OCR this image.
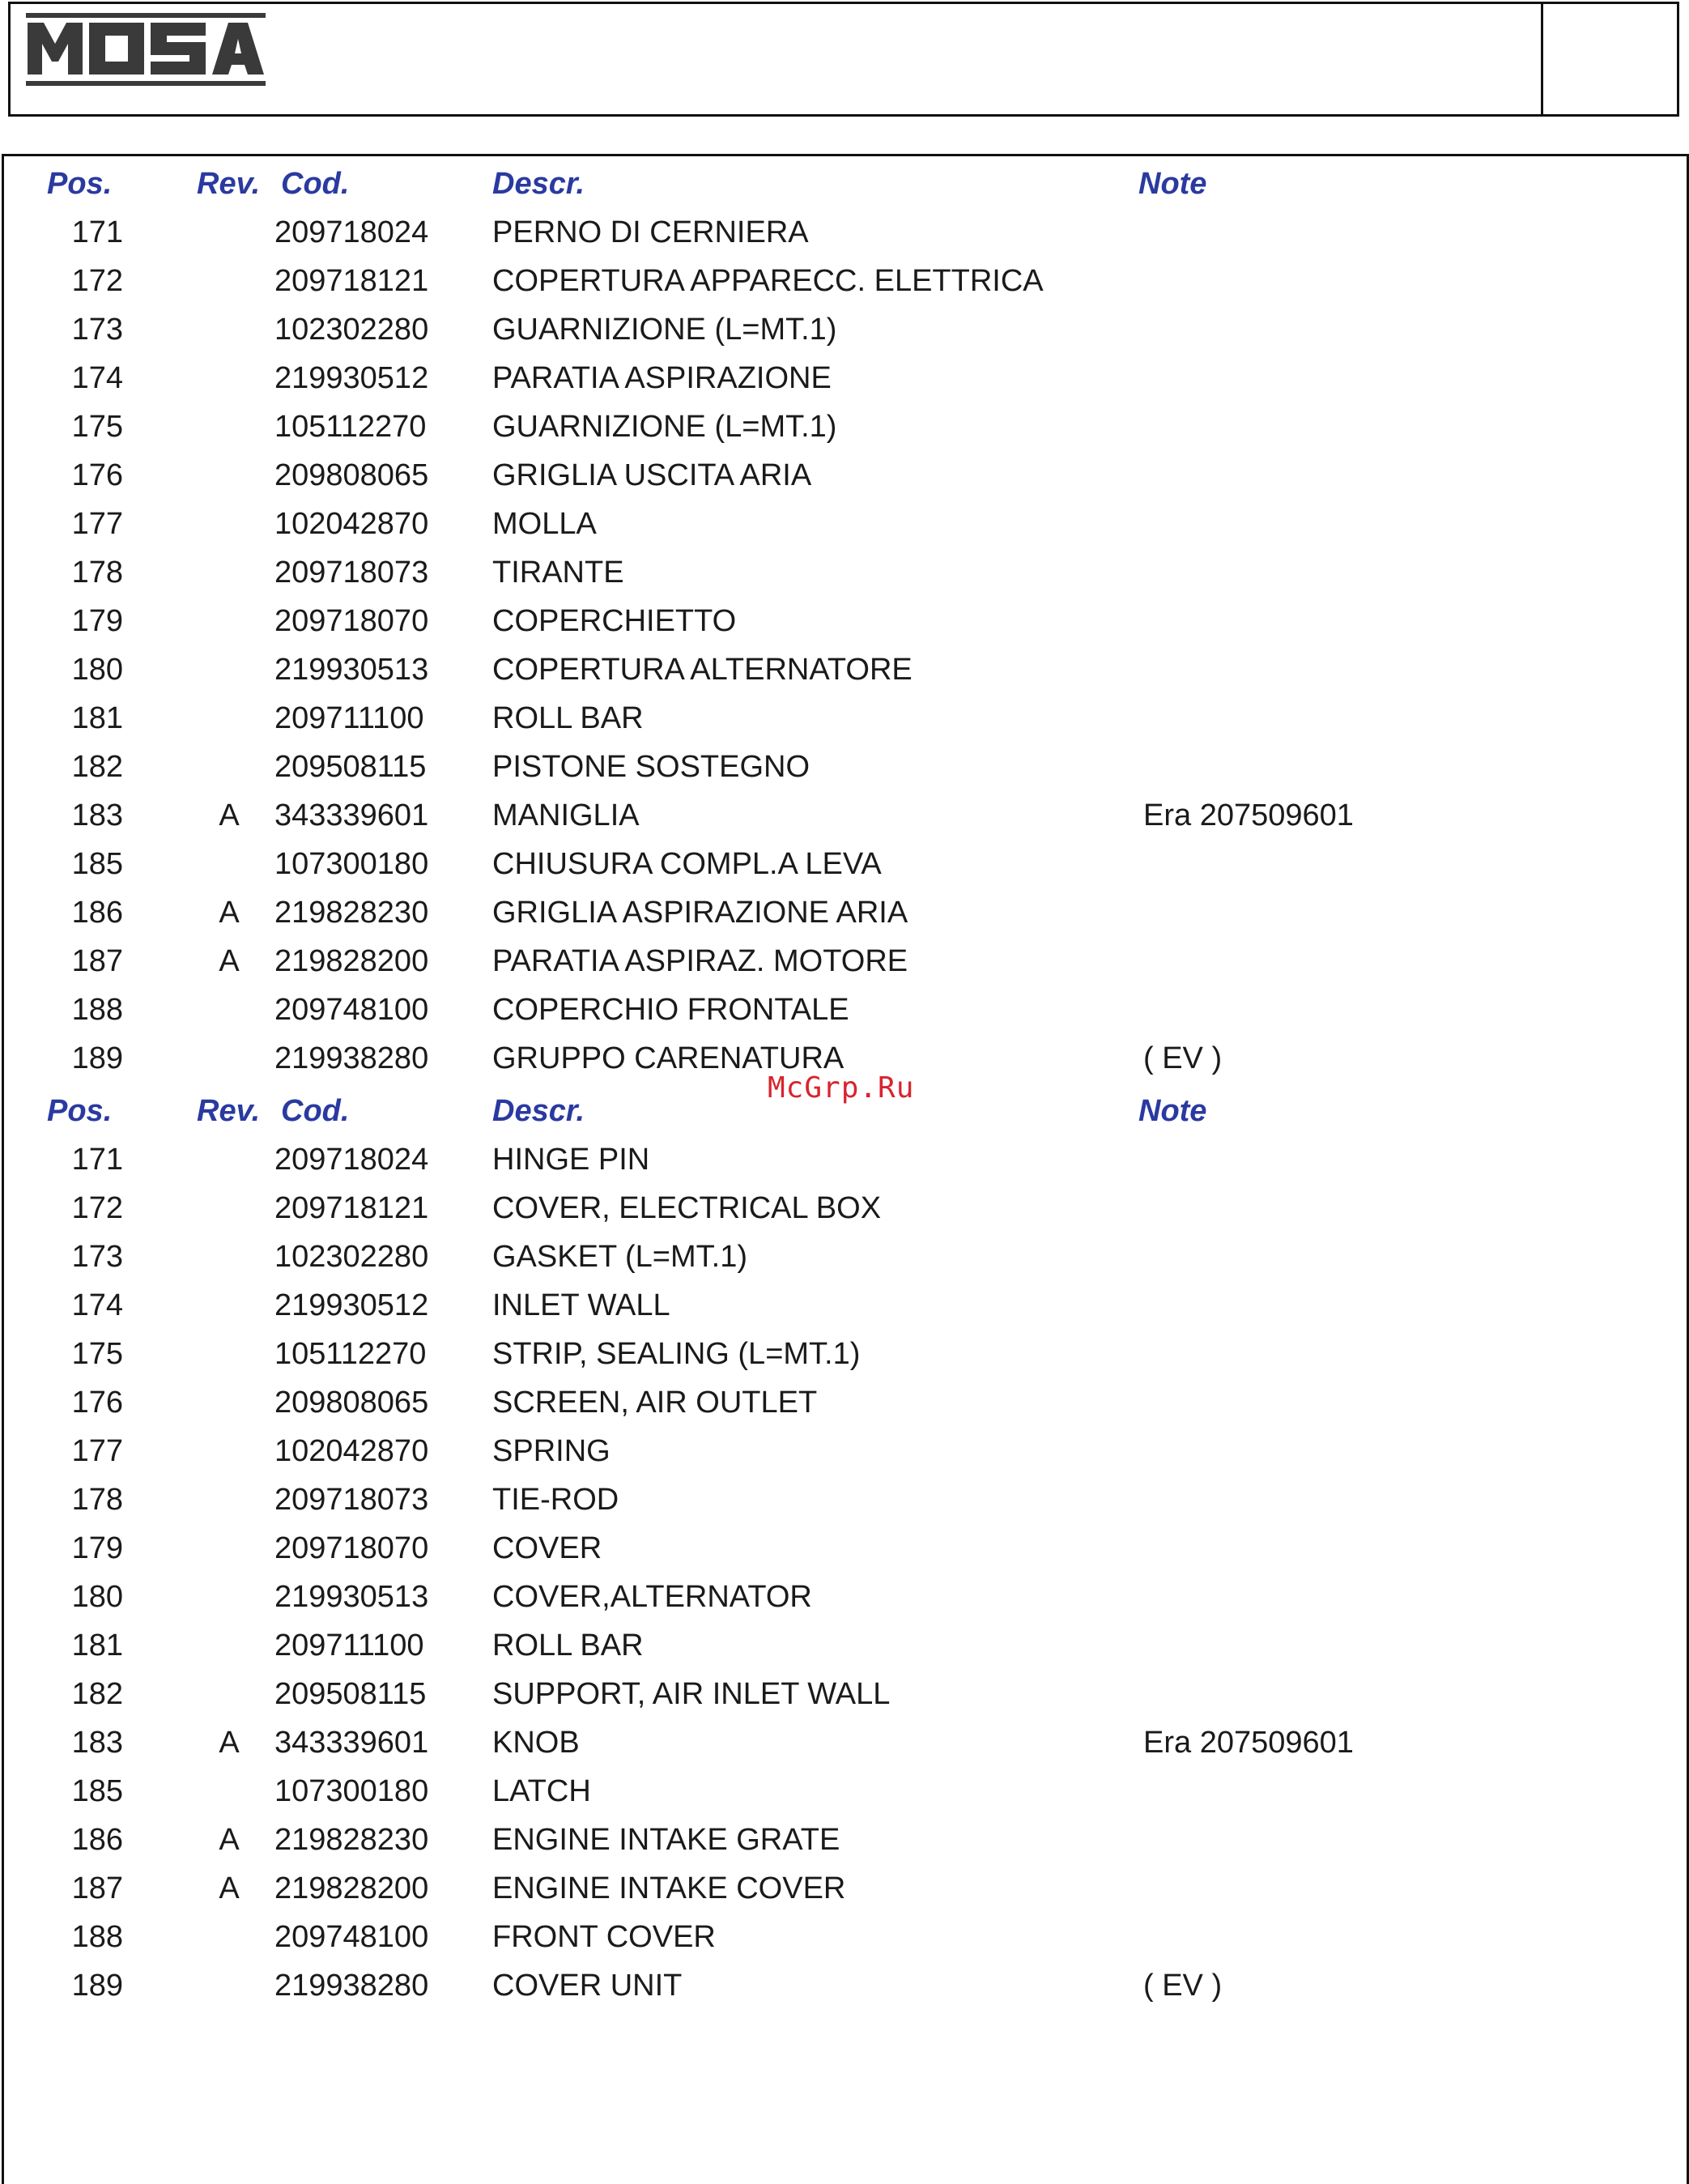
Pos.	Rev. Cod.	Descr.	Note
171	209718024 PERNO DI CERNIERA
172	209718121 COPERTURA APPARECC. ELETTRICA
173	102302280 GUARNIZIONE (L=MT.1)
174	219930512 PARATIA ASPIRAZIONE
175	105112270 GUARNIZIONE (L=MT.1)
176	209808065 GRIGLIA USCITA ARIA
177	102042870 MOLLA
178	209718073 TIRANTE
179	209718070 COPERCHIETTO
180	219930513 COPERTURA ALTERNATORE
181	209711100 ROLL BAR
182	209508115 PISTONE SOSTEGNO
183	A	343339601 MANIGLIA	Era 207509601
185	107300180 CHIUSURA COMPL.A LEVA
186	A	219828230 GRIGLIA ASPIRAZIONE ARIA
187	A	219828200 PARATIA ASPIRAZ. MOTORE
188	209748100 COPERCHIO FRONTALE
189	219938280 GRUPPO CARENATURA	( EV )
Pos.	Rev. Cod.	Descr.	Note
171	209718024 HINGE PIN
172	209718121 COVER, ELECTRICAL BOX
173	102302280 GASKET (L=MT.1)
174	219930512 INLET WALL
175	105112270 STRIP, SEALING (L=MT.1)
176	209808065 SCREEN, AIR OUTLET
177	102042870 SPRING
178	209718073 TIE-ROD
179	209718070 COVER
180	219930513 COVER,ALTERNATOR
181	209711100 ROLL BAR
182	209508115 SUPPORT, AIR INLET WALL
183	A	343339601 KNOB	Era 207509601
185	107300180 LATCH
186	A	219828230 ENGINE INTAKE GRATE
187	A	219828200 ENGINE INTAKE COVER
188	209748100 FRONT COVER
189	219938280 COVER UNIT	( EV )
McGrp.Ru
